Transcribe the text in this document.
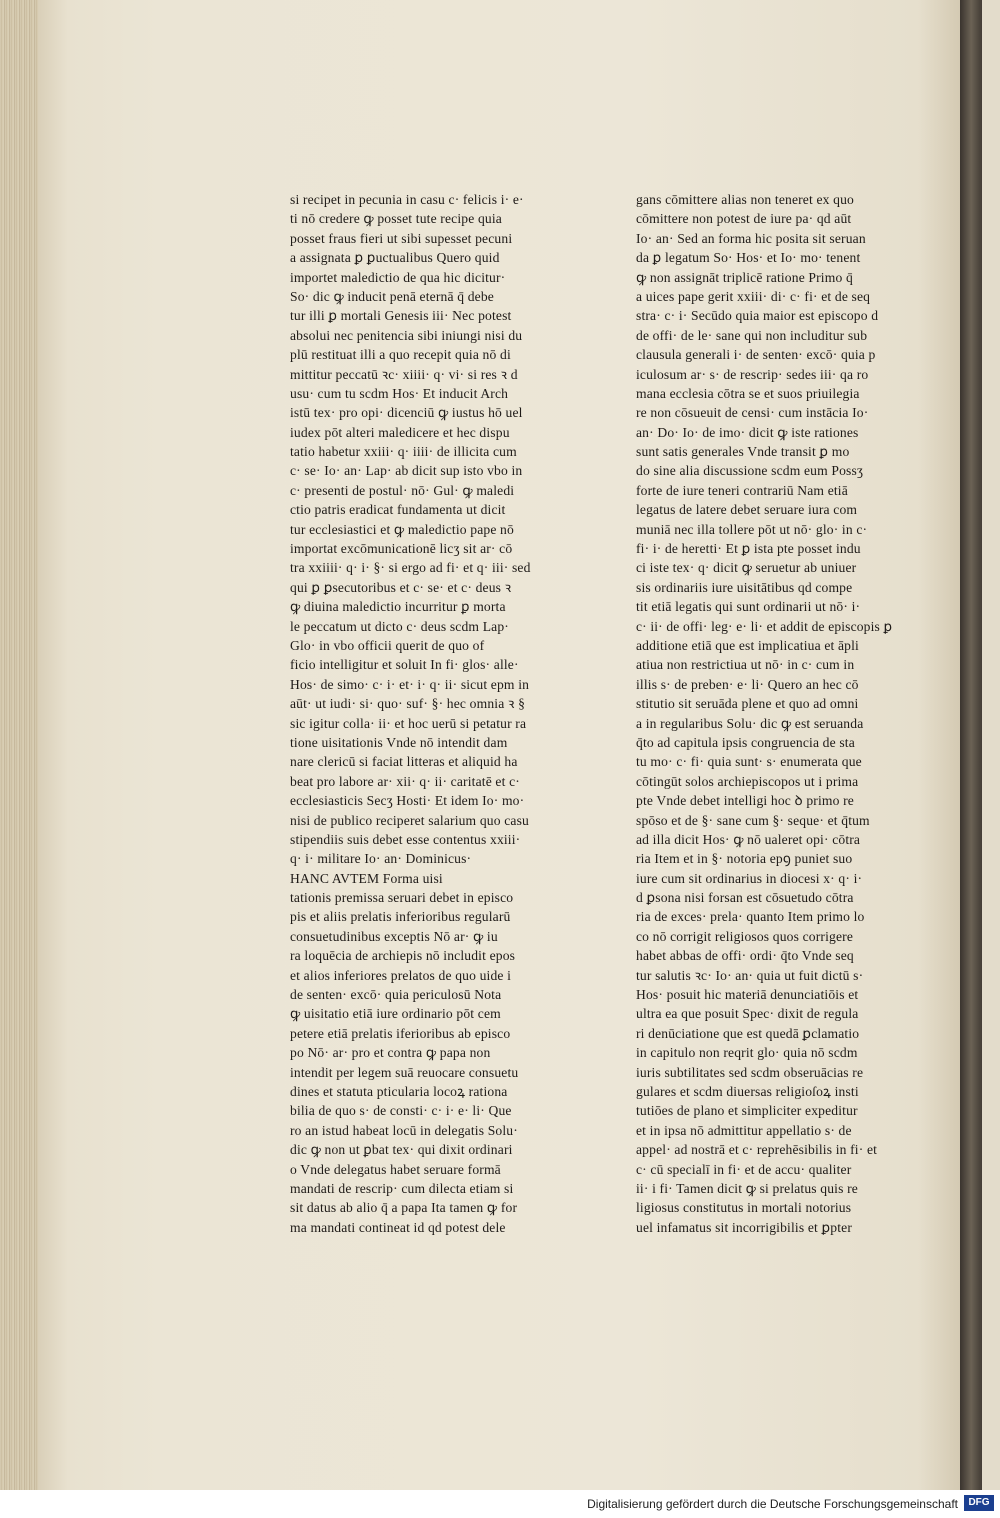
si recipet in pecunia in casu c· felicis i· e·
ti nō credere ꝙ posset tute recipe quia
posset fraus fieri ut sibi supesset pecuni
a assignata ꝑ ꝑuctualibus Quero quid
importet maledictio de qua hic dicitur·
So· dic ꝙ inducit penā eternā q̄ debe
tur illi ꝑ mortali Genesis iii· Nec potest
absolui nec penitencia sibi iniungi nisi du
plū restituat illi a quo recepit quia nō di
mittitur peccatū ꝛc· xiiii· q· vi· si res ꝛ d
usu· cum tu scdm Hos· Et inducit Arch
istū tex· pro opi· dicenciū ꝙ iustus hō uel
iudex pōt alteri maledicere et hec dispu
tatio habetur xxiii· q· iiii· de illicita cum
c· se· Io· an· Lap· ab dicit sup isto vbo in
c· presenti de postul· nō· Gul· ꝙ maledi
ctio patris eradicat fundamenta ut dicit
tur ecclesiastici et ꝙ maledictio pape nō
importat excōmunicationē licʒ sit ar· cō
tra xxiiii· q· i· §· si ergo ad fi· et q· iii· sed
qui ꝑ ꝑsecutoribus et c· se· et c· deus ꝛ
ꝙ diuina maledictio incurritur ꝑ morta
le peccatum ut dicto c· deus scdm Lap·
Glo· in vbo officii querit de quo of
ficio intelligitur et soluit In fi· glos· alle·
Hos· de simo· c· i· et· i· q· ii· sicut epm in
aūt· ut iudi· si· quo· suf· §· hec omnia ꝛ §
sic igitur colla· ii· et hoc uerū si petatur ra
tione uisitationis Vnde nō intendit dam
nare clericū si faciat litteras et aliquid ha
beat pro labore ar· xii· q· ii· caritatē et c·
ecclesiasticis Secʒ Hosti· Et idem Io· mo·
nisi de publico reciperet salarium quo casu
stipendiis suis debet esse contentus xxiii·
q· i· militare Io· an· Dominicus·
HANC AVTEM Forma uisi
tationis premissa seruari debet in episco
pis et aliis prelatis inferioribus regularū
consuetudinibus exceptis Nō ar· ꝙ iu
ra loquēcia de archiepis nō includit epos
et alios inferiores prelatos de quo uide i
de senten· excō· quia periculosū Nota
ꝙ uisitatio etiā iure ordinario pōt cem
petere etiā prelatis iferioribus ab episco
po Nō· ar· pro et contra ꝙ papa non
intendit per legem suā reuocare consuetu
dines et statuta pticularia locoꝝ rationa
bilia de quo s· de consti· c· i· e· li· Que
ro an istud habeat locū in delegatis Solu·
dic ꝙ non ut ꝑbat tex· qui dixit ordinari
o Vnde delegatus habet seruare formā
mandati de rescrip· cum dilecta etiam si
sit datus ab alio q̄ a papa Ita tamen ꝙ for
ma mandati contineat id qd potest dele
gans cōmittere alias non teneret ex quo
cōmittere non potest de iure pa· qd aūt
Io· an· Sed an forma hic posita sit seruan
da ꝑ legatum So· Hos· et Io· mo· tenent
ꝙ non assignāt triplicē ratione Primo q̄
a uices pape gerit xxiii· di· c· fi· et de seq
stra· c· i· Secūdo quia maior est episcopo d
de offi· de le· sane qui non includitur sub
clausula generali i· de senten· excō· quia p
iculosum ar· s· de rescrip· sedes iii· qa ro
mana ecclesia cōtra se et suos priuilegia
re non cōsueuit de censi· cum instācia Io·
an· Do· Io· de imo· dicit ꝙ iste rationes
sunt satis generales Vnde transit ꝑ mo
do sine alia discussione scdm eum Possʒ
forte de iure teneri contrariū Nam etiā
legatus de latere debet seruare iura com
muniā nec illa tollere pōt ut nō· glo· in c·
fi· i· de heretti· Et ꝑ ista pte posset indu
ci iste tex· q· dicit ꝙ seruetur ab uniuer
sis ordinariis iure uisitātibus qd compe
tit etiā legatis qui sunt ordinarii ut nō· i·
c· ii· de offi· leg· e· li· et addit de episcopis ꝑ
additione etiā que est implicatiua et āpli
atiua non restrictiua ut nō· in c· cum in
illis s· de preben· e· li· Quero an hec cō
stitutio sit seruāda plene et quo ad omni
a in regularibus Solu· dic ꝙ est seruanda
q̄to ad capitula ipsis congruencia de sta
tu mo· c· fi· quia sunt· s· enumerata que
cōtingūt solos archiepiscopos ut i prima
pte Vnde debet intelligi hoc ꝺ primo re
spōso et de §· sane cum §· seque· et q̄tum
ad illa dicit Hos· ꝙ nō ualeret opi· cōtra
ria Item et in §· notoria epꝯ puniet suo
iure cum sit ordinarius in diocesi x· q· i·
d ꝑsona nisi forsan est cōsuetudo cōtra
ria de exces· prela· quanto Item primo lo
co nō corrigit religiosos quos corrigere
habet abbas de offi· ordi· q̄to Vnde seq
tur salutis ꝛc· Io· an· quia ut fuit dictū s·
Hos· posuit hic materiā denunciatiōis et
ultra ea que posuit Spec· dixit de regula
ri denūciatione que est quedā ꝑclamatio
in capitulo non reqrit glo· quia nō scdm
iuris subtilitates sed scdm obseruācias re
gulares et scdm diuersas religioſoꝝ insti
tutiōes de plano et simpliciter expeditur
et in ipsa nō admittitur appellatio s· de
appel· ad nostrā et c· reprehēsibilis in fi· et
c· cū specialī in fi· et de accu· qualiter
ii· i fi· Tamen dicit ꝙ si prelatus quis re
ligiosus constitutus in mortali notorius
uel infamatus sit incorrigibilis et ꝑpter
Digitalisierung gefördert durch die Deutsche Forschungsgemeinschaft	DFG
